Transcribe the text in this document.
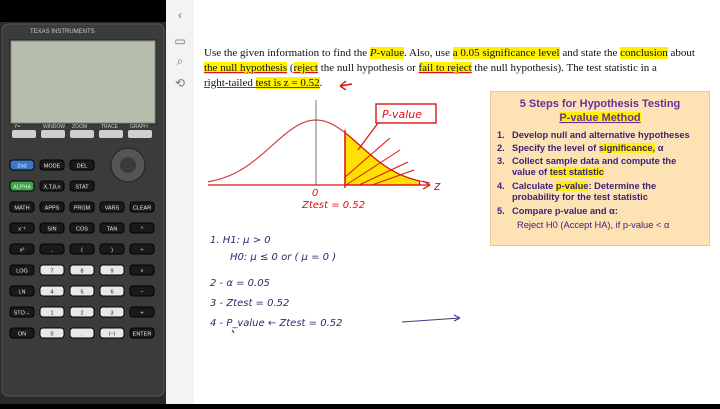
TEXAS INSTRUMENTS
Y=	WINDOW ZOOM	TRACE GRAPH
2nd	MODE	DEL
ALPHA X,T,θ,n	STAT
MATH	APPS	PRGM	VARS CLEAR
x⁻¹	SIN	COS	TAN	^
x²	,	(	)	÷
LOG	7	8	9	×
LN	4	5	6	−
STO→	1	2	3	+
ON	0	.	(−)	ENTER
‹
▭
⌕
⟲
Use the given information to find the P-value. Also, use a 0.05 significance level and state the conclusion about
the null hypothesis (reject the null hypothesis or fail to reject the null hypothesis). The test statistic in a
right-tailed test is z = 0.52.
P-value
z
0
Ztest = 0.52
1. H1: μ > 0
H0: μ ≤ 0 or ( μ = 0 )
2 - α = 0.05
3 - Ztest = 0.52
4 - P_value ← Ztest = 0.52
5 Steps for Hypothesis Testing
P-value Method
1. Develop null and alternative hypotheses
2. Specify the level of significance, α
3. Collect sample data and compute the
value of test statistic
4. Calculate p-value: Determine the
probability for the test statistic
5. Compare p-value and α:
Reject H0 (Accept HA), if p-value < α
